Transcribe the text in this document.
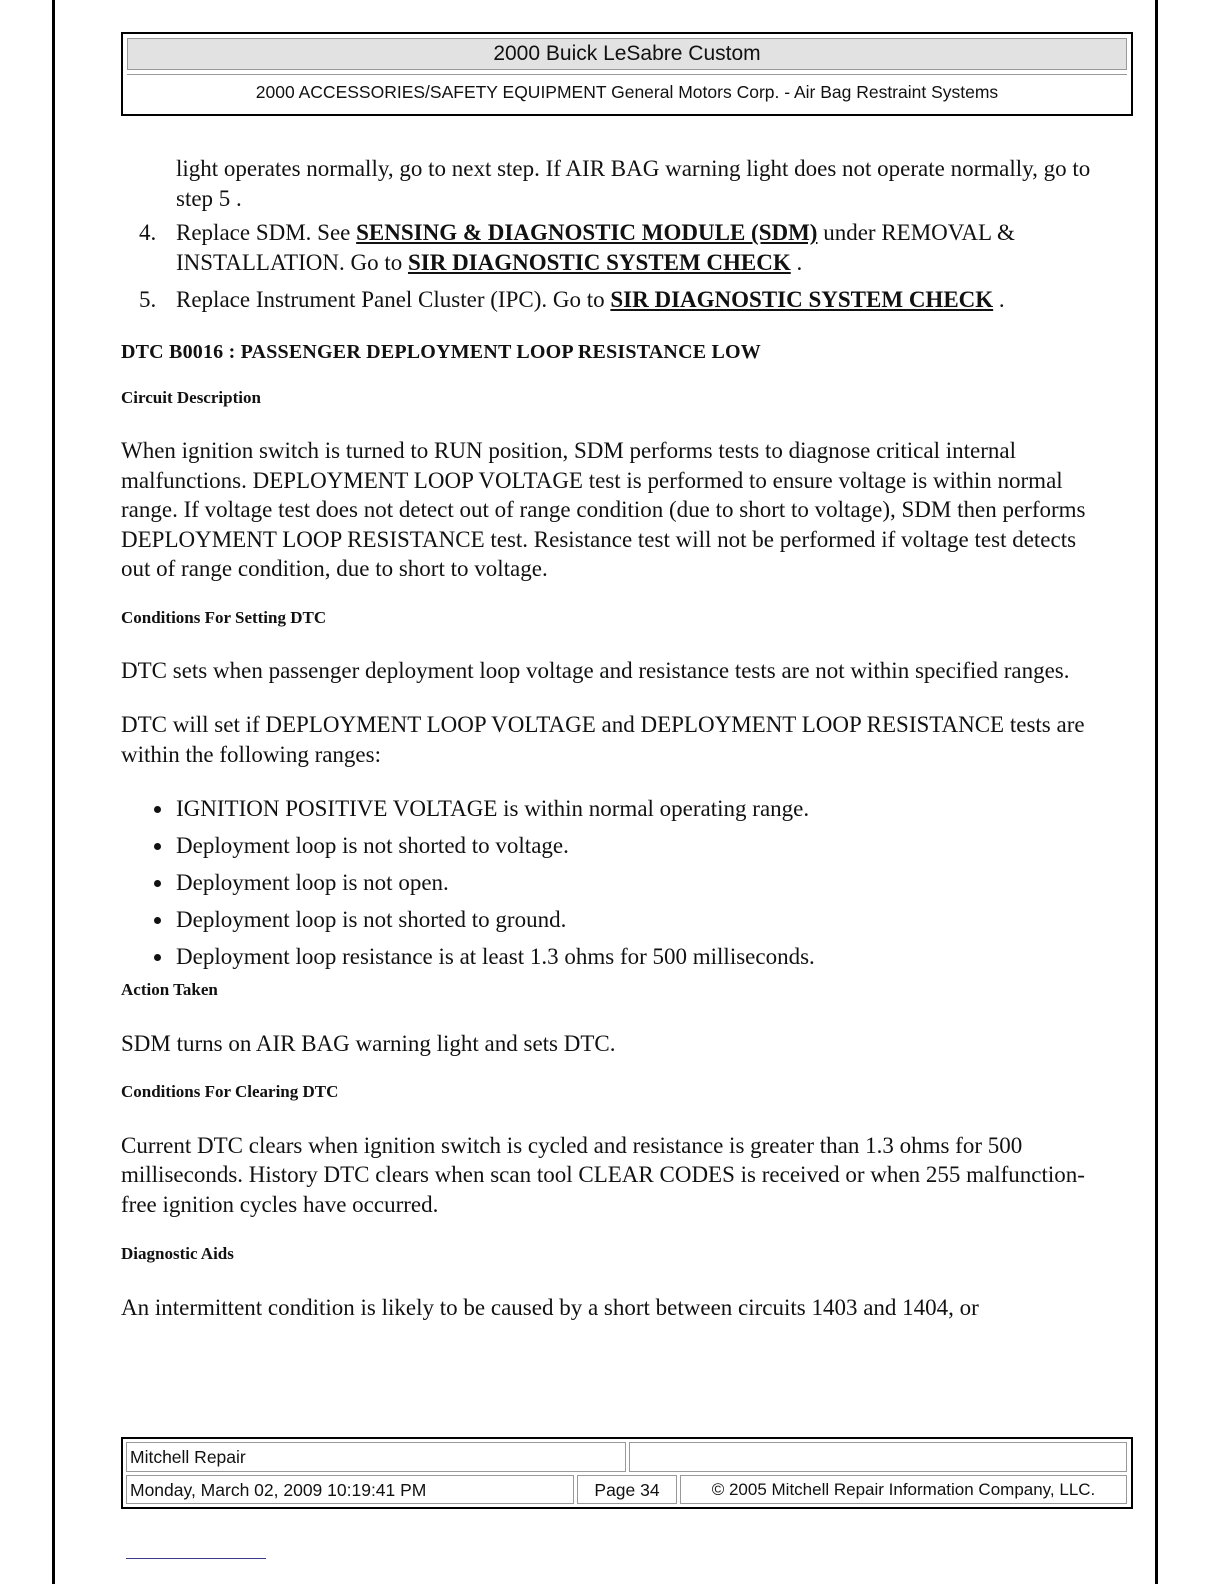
2000 Buick LeSabre Custom
2000 ACCESSORIES/SAFETY EQUIPMENT General Motors Corp. - Air Bag Restraint Systems

light operates normally, go to next step. If AIR BAG warning light does not operate normally, go to step 5 .

4. Replace SDM. See SENSING & DIAGNOSTIC MODULE (SDM) under REMOVAL & INSTALLATION. Go to SIR DIAGNOSTIC SYSTEM CHECK .
5. Replace Instrument Panel Cluster (IPC). Go to SIR DIAGNOSTIC SYSTEM CHECK .
DTC B0016 : PASSENGER DEPLOYMENT LOOP RESISTANCE LOW
Circuit Description

When ignition switch is turned to RUN position, SDM performs tests to diagnose critical internal malfunctions. DEPLOYMENT LOOP VOLTAGE test is performed to ensure voltage is within normal range. If voltage test does not detect out of range condition (due to short to voltage), SDM then performs DEPLOYMENT LOOP RESISTANCE test. Resistance test will not be performed if voltage test detects out of range condition, due to short to voltage.

Conditions For Setting DTC

DTC sets when passenger deployment loop voltage and resistance tests are not within specified ranges.

DTC will set if DEPLOYMENT LOOP VOLTAGE and DEPLOYMENT LOOP RESISTANCE tests are within the following ranges:

IGNITION POSITIVE VOLTAGE is within normal operating range.
Deployment loop is not shorted to voltage.
Deployment loop is not open.
Deployment loop is not shorted to ground.
Deployment loop resistance is at least 1.3 ohms for 500 milliseconds.
Action Taken

SDM turns on AIR BAG warning light and sets DTC.

Conditions For Clearing DTC

Current DTC clears when ignition switch is cycled and resistance is greater than 1.3 ohms for 500 milliseconds. History DTC clears when scan tool CLEAR CODES is received or when 255 malfunction-free ignition cycles have occurred.

Diagnostic Aids

An intermittent condition is likely to be caused by a short between circuits 1403 and 1404, or

Mitchell Repair
Monday, March 02, 2009 10:19:41 PM	Page 34	© 2005 Mitchell Repair Information Company, LLC.
